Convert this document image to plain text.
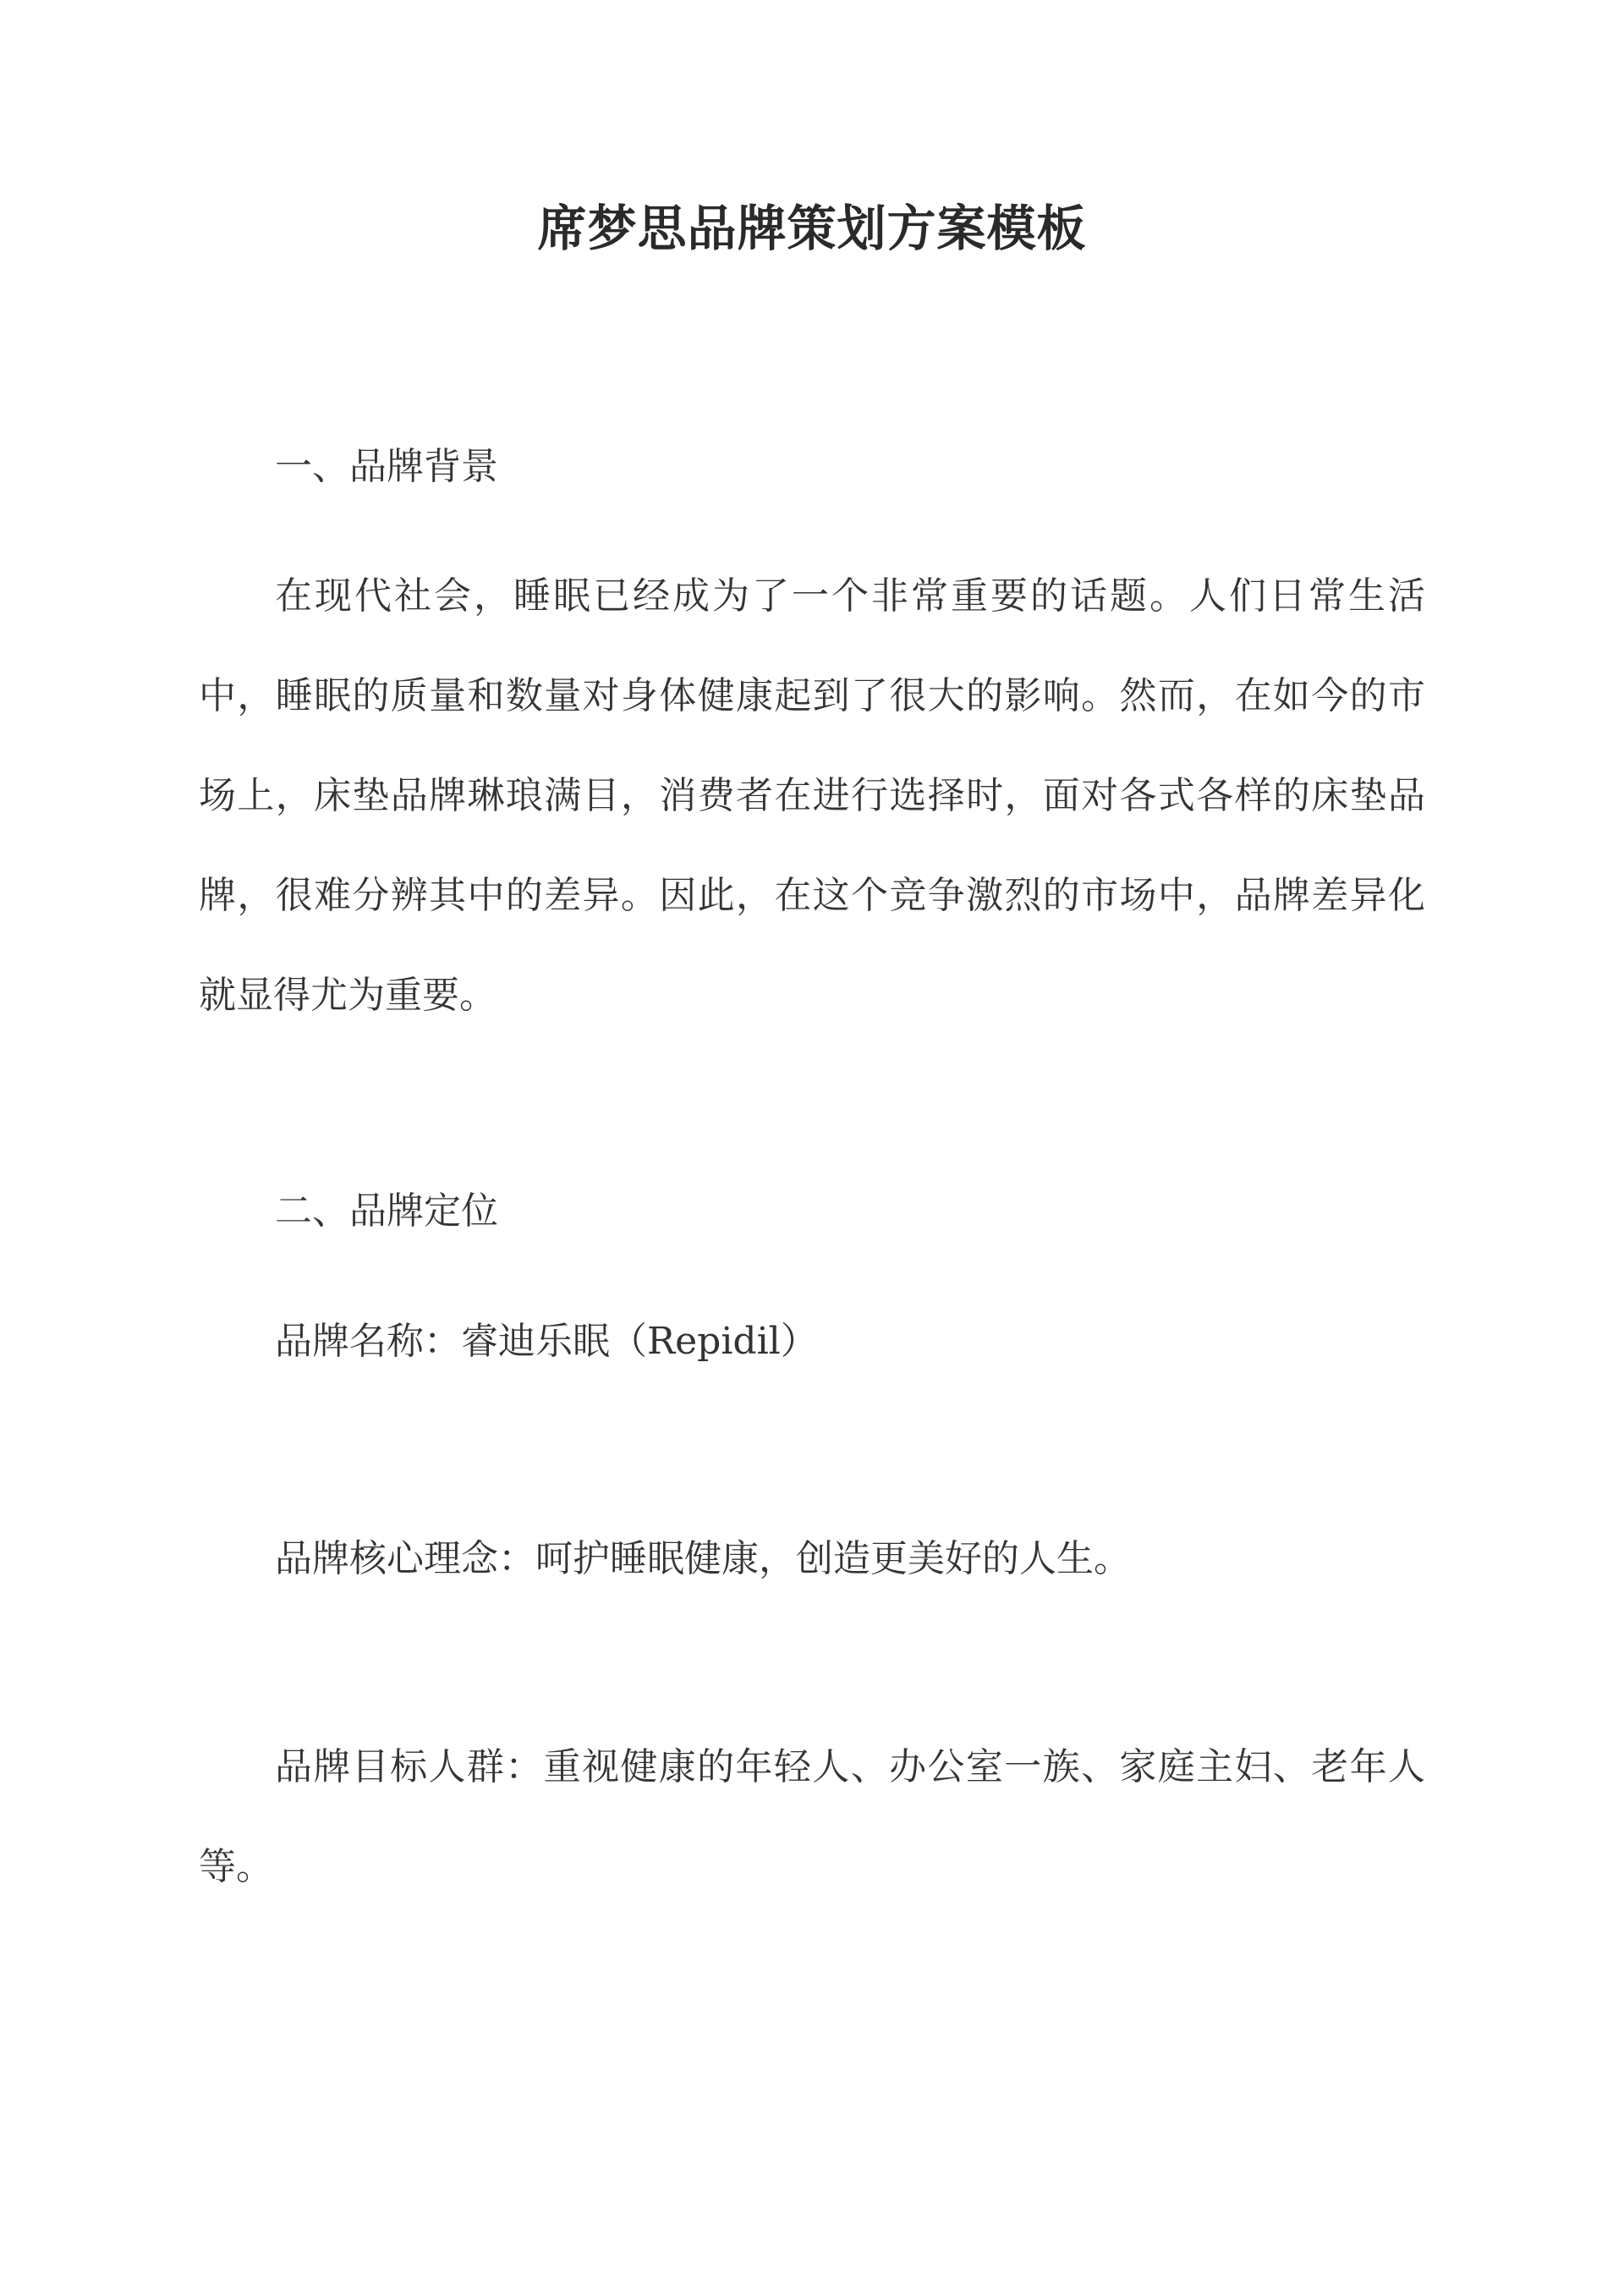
席梦思品牌策划方案模板
一、品牌背景

在现代社会，睡眠已经成为了一个非常重要的话题。人们日常生活中，睡眠的质量和数量对身体健康起到了很大的影响。然而，在如今的市场上，床垫品牌琳琅满目，消费者在进行选择时，面对各式各样的床垫品牌，很难分辨其中的差异。因此，在这个竞争激烈的市场中，品牌差异化就显得尤为重要。

二、品牌定位
品牌名称：睿迪乐眠（Repidil）
品牌核心理念：呵护睡眠健康，创造更美好的人生。

品牌目标人群：重视健康的年轻人、办公室一族、家庭主妇、老年人等。
